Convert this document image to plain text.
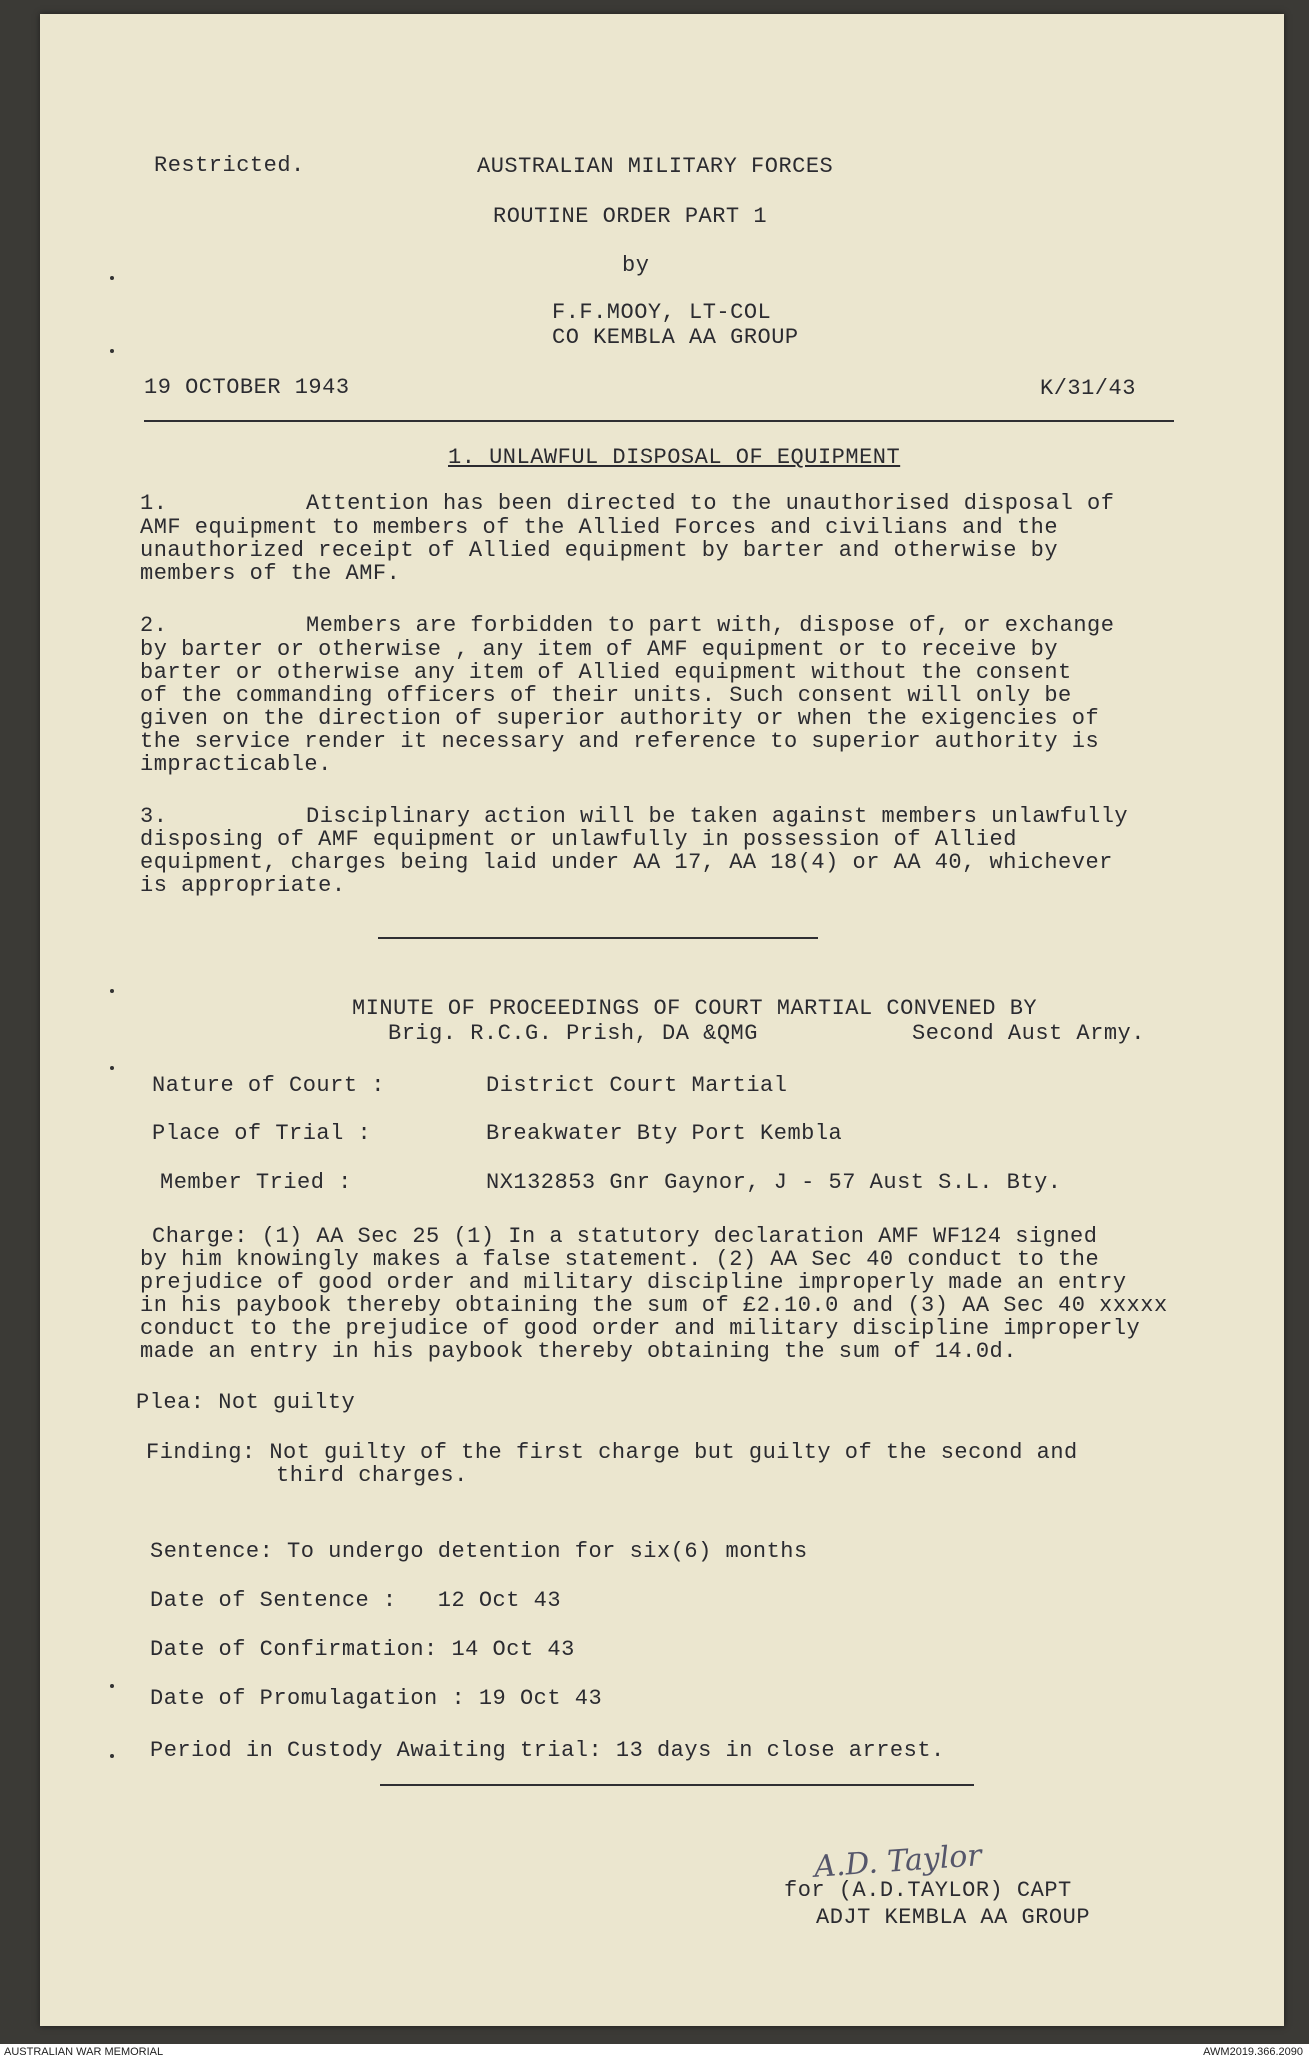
Restricted.	AUSTRALIAN MILITARY FORCES
ROUTINE ORDER PART 1
by
F.F.MOOY, LT-COL
CO KEMBLA AA GROUP
19 OCTOBER 1943	K/31/43
1. UNLAWFUL DISPOSAL OF EQUIPMENT
1.	Attention has been directed to the unauthorised disposal of
AMF equipment to members of the Allied Forces and civilians and the
unauthorized receipt of Allied equipment by barter and otherwise by
members of the AMF.
2.	Members are forbidden to part with, dispose of, or exchange
by barter or otherwise , any item of AMF equipment or to receive by
barter or otherwise any item of Allied equipment without the consent
of the commanding officers of their units. Such consent will only be
given on the direction of superior authority or when the exigencies of
the service render it necessary and reference to superior authority is
impracticable.
3.	Disciplinary action will be taken against members unlawfully
disposing of AMF equipment or unlawfully in possession of Allied
equipment, charges being laid under AA 17, AA 18(4) or AA 40, whichever
is appropriate.
MINUTE OF PROCEEDINGS OF COURT MARTIAL CONVENED BY
Brig. R.C.G. Prish, DA &QMG	Second Aust Army.
Nature of Court :	District Court Martial
Place of Trial :	Breakwater Bty Port Kembla
Member Tried :	NX132853 Gnr Gaynor, J - 57 Aust S.L. Bty.
Charge: (1) AA Sec 25 (1) In a statutory declaration AMF WF124 signed
by him knowingly makes a false statement. (2) AA Sec 40 conduct to the
prejudice of good order and military discipline improperly made an entry
in his paybook thereby obtaining the sum of £2.10.0 and (3) AA Sec 40 xxxxx
conduct to the prejudice of good order and military discipline improperly
made an entry in his paybook thereby obtaining the sum of 14.0d.
Plea: Not guilty
Finding: Not guilty of the first charge but guilty of the second and
third charges.
Sentence: To undergo detention for six(6) months
Date of Sentence :   12 Oct 43
Date of Confirmation: 14 Oct 43
Date of Promulagation : 19 Oct 43
Period in Custody Awaiting trial: 13 days in close arrest.
A.D. Taylor
for (A.D.TAYLOR) CAPT
ADJT KEMBLA AA GROUP
AUSTRALIAN WAR MEMORIAL	AWM2019.366.2090
